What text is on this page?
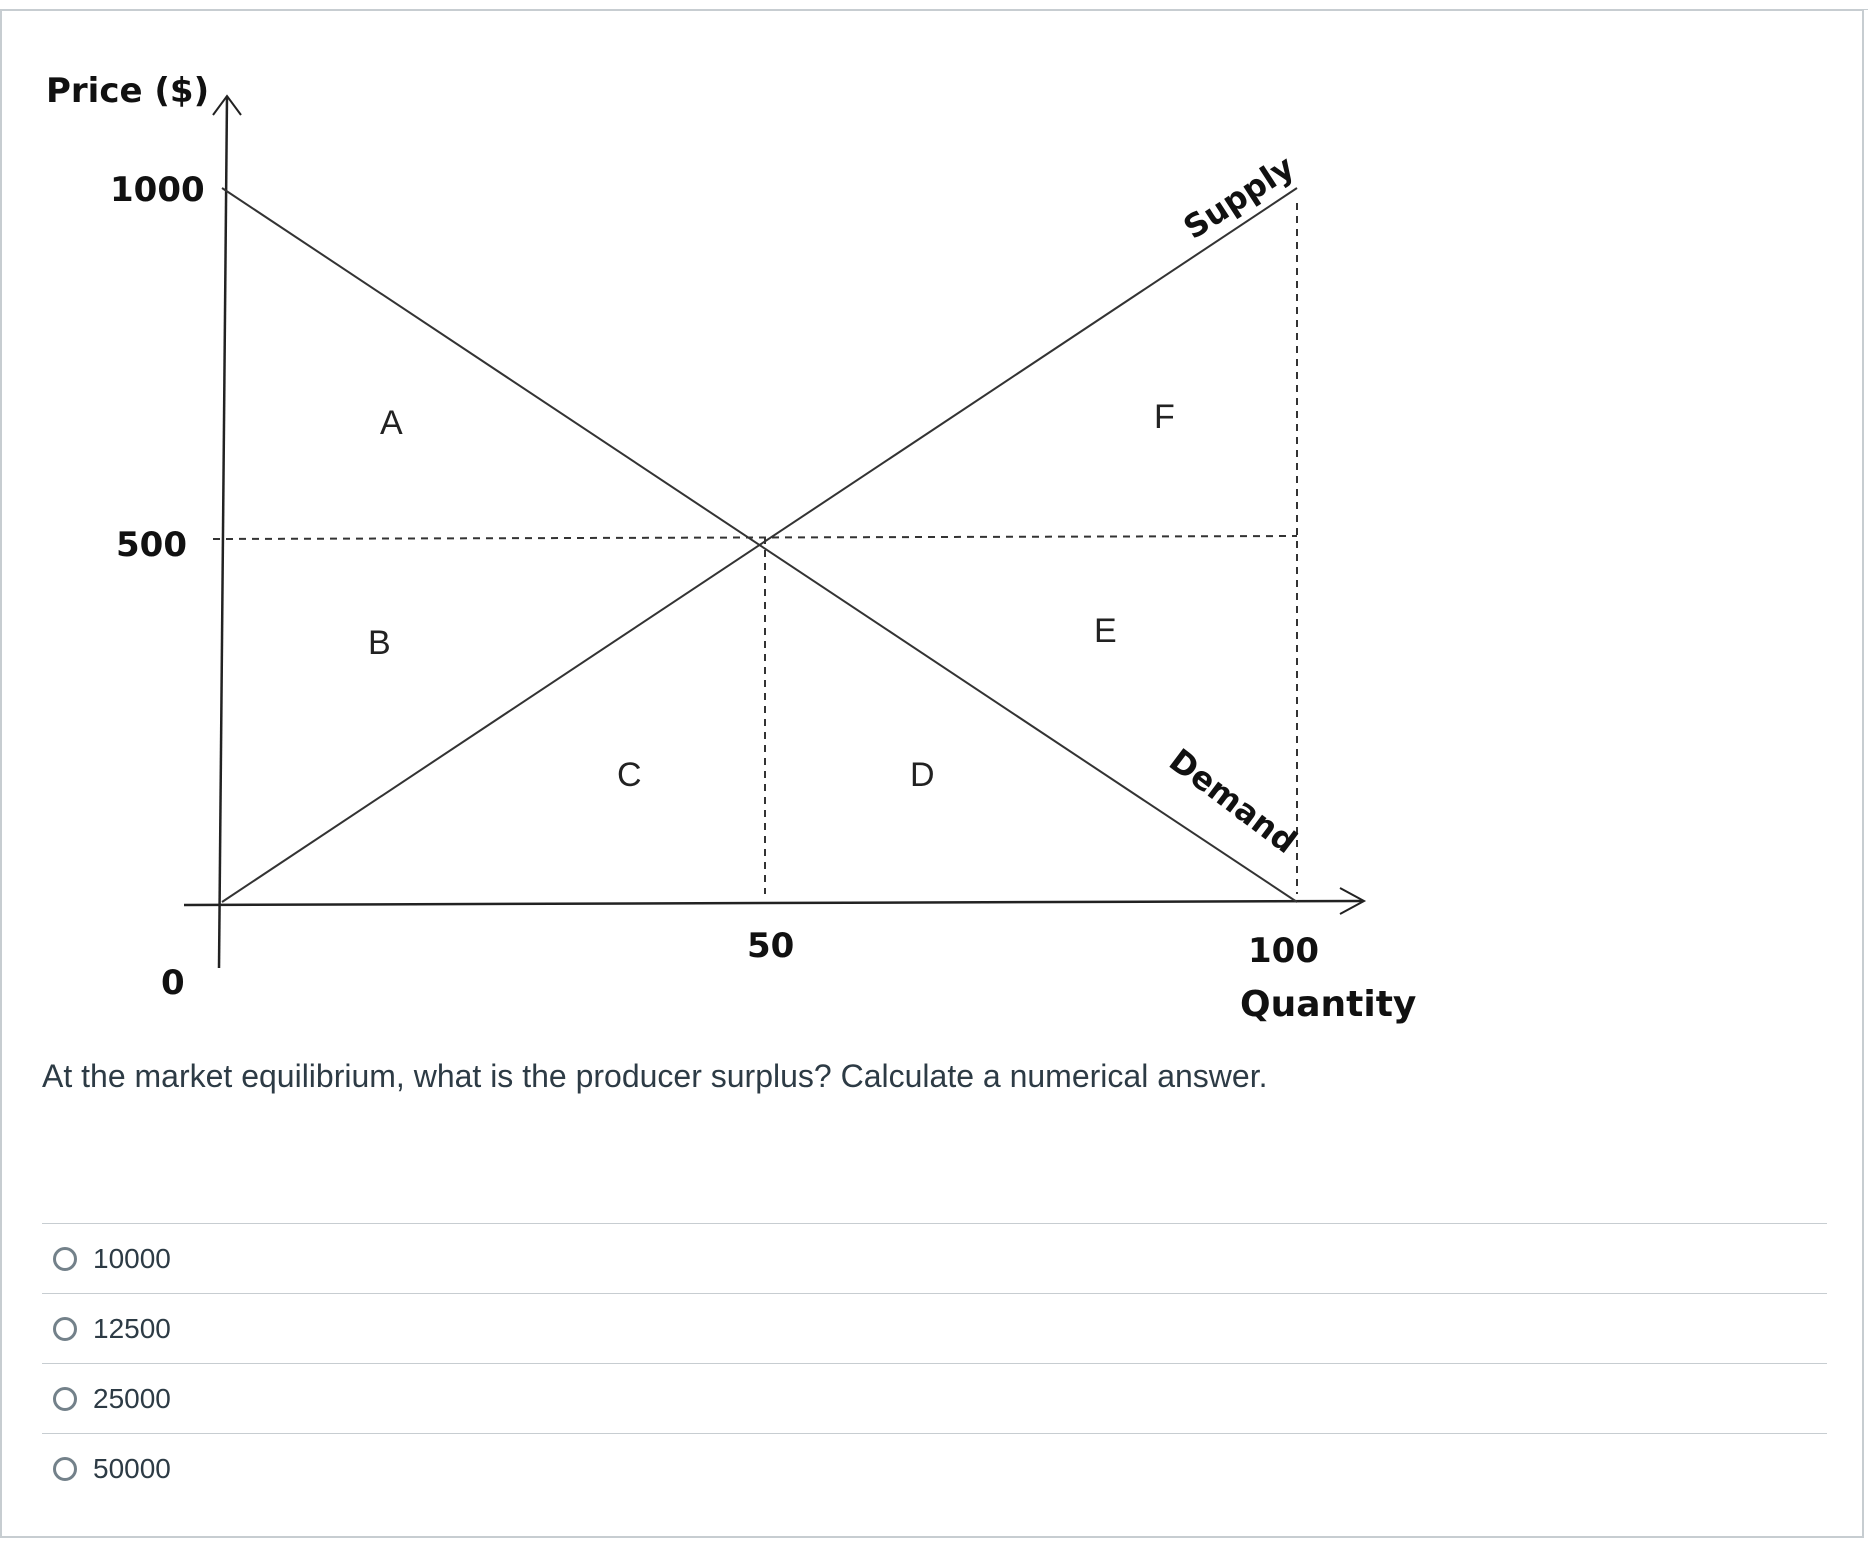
Price ($)
1000
500
0
50	100
Quantity
Supply
Demand
A
B
C	D
E
F
At the market equilibrium, what is the producer surplus? Calculate a numerical answer.
10000
12500
25000
50000
